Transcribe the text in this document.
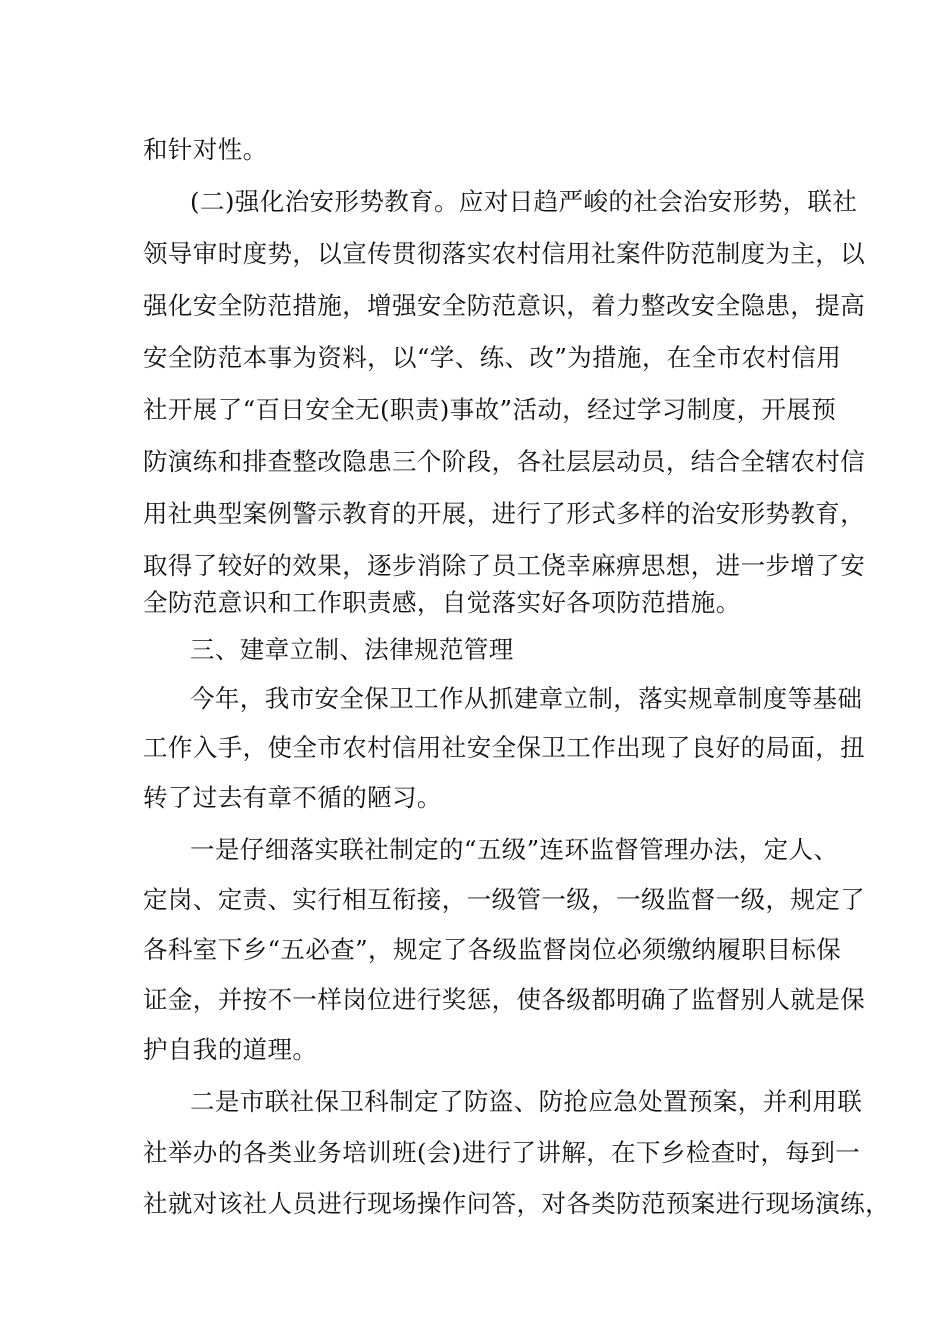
和针对性。
(二)强化治安形势教育。应对日趋严峻的社会治安形势，联社
领导审时度势，以宣传贯彻落实农村信用社案件防范制度为主，以
强化安全防范措施，增强安全防范意识，着力整改安全隐患，提高
安全防范本事为资料，以“学、练、改”为措施，在全市农村信用
社开展了“百日安全无(职责)事故”活动，经过学习制度，开展预
防演练和排查整改隐患三个阶段，各社层层动员，结合全辖农村信
用社典型案例警示教育的开展，进行了形式多样的治安形势教育，
取得了较好的效果，逐步消除了员工侥幸麻痹思想，进一步增了安
全防范意识和工作职责感，自觉落实好各项防范措施。
三、建章立制、法律规范管理
今年，我市安全保卫工作从抓建章立制，落实规章制度等基础
工作入手，使全市农村信用社安全保卫工作出现了良好的局面，扭
转了过去有章不循的陋习。
一是仔细落实联社制定的“五级”连环监督管理办法，定人、
定岗、定责、实行相互衔接，一级管一级，一级监督一级，规定了
各科室下乡“五必查”，规定了各级监督岗位必须缴纳履职目标保
证金，并按不一样岗位进行奖惩，使各级都明确了监督别人就是保
护自我的道理。
二是市联社保卫科制定了防盗、防抢应急处置预案，并利用联
社举办的各类业务培训班(会)进行了讲解，在下乡检查时，每到一
社就对该社人员进行现场操作问答，对各类防范预案进行现场演练，
